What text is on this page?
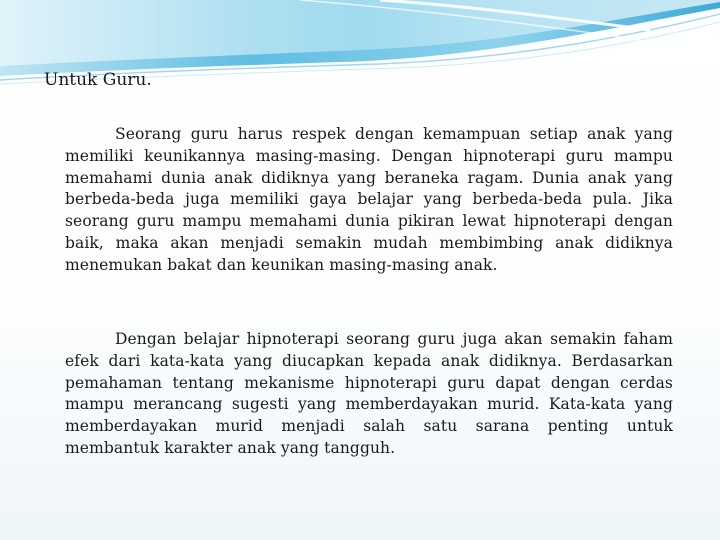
Untuk Guru.

Seorang guru harus respek dengan kemampuan setiap anak yang memiliki keunikannya masing-masing. Dengan hipnoterapi guru mampu memahami dunia anak didiknya yang beraneka ragam. Dunia anak yang berbeda-beda juga memiliki gaya belajar yang berbeda-beda pula. Jika seorang guru mampu memahami dunia pikiran lewat hipnoterapi dengan baik, maka akan menjadi semakin mudah membimbing anak didiknya menemukan bakat dan keunikan masing-masing anak.

Dengan belajar hipnoterapi seorang guru juga akan semakin faham efek dari kata-kata yang diucapkan kepada anak didiknya. Berdasarkan pemahaman tentang mekanisme hipnoterapi guru dapat dengan cerdas mampu merancang sugesti yang memberdayakan murid. Kata-kata yang memberdayakan murid menjadi salah satu sarana penting untuk membantuk karakter anak yang tangguh.
